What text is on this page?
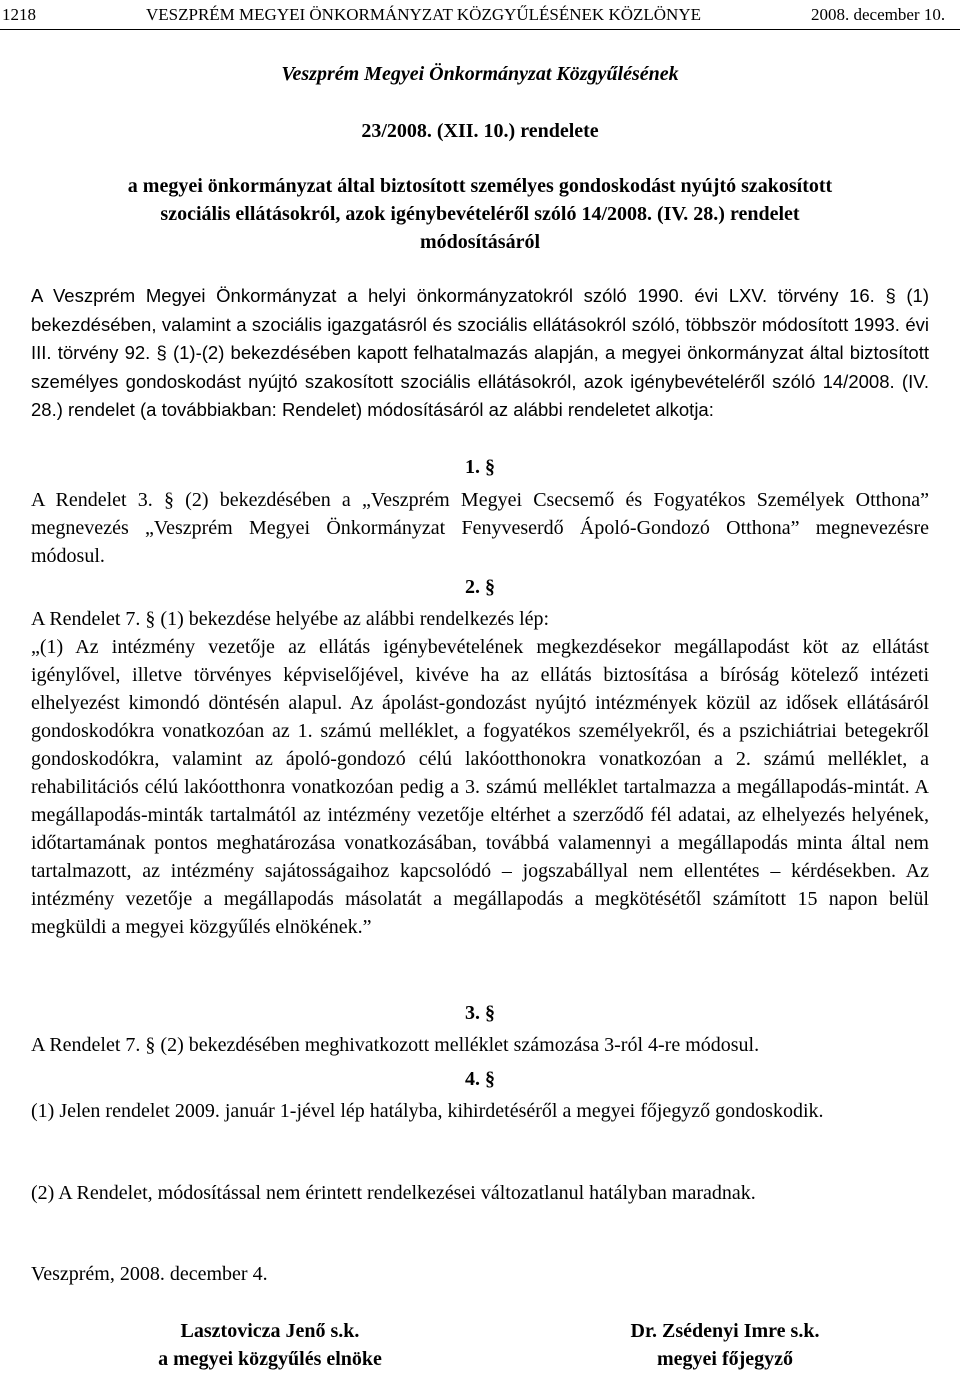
1218	VESZPRÉM MEGYEI ÖNKORMÁNYZAT KÖZGYŰLÉSÉNEK KÖZLÖNYE	2008. december 10.
Veszprém Megyei Önkormányzat Közgyűlésének
23/2008. (XII. 10.) rendelete
a megyei önkormányzat által biztosított személyes gondoskodást nyújtó szakosított
szociális ellátásokról, azok igénybevételéről szóló 14/2008. (IV. 28.) rendelet
módosításáról
A Veszprém Megyei Önkormányzat a helyi önkormányzatokról szóló 1990. évi LXV. törvény 16. § (1) bekezdésében, valamint a szociális igazgatásról és szociális ellátásokról szóló, többször módosított 1993. évi III. törvény 92. § (1)-(2) bekezdésében kapott felhatalmazás alapján, a megyei önkormányzat által biztosított személyes gondoskodást nyújtó szakosított szociális ellátásokról, azok igénybevételéről szóló 14/2008. (IV. 28.) rendelet (a továbbiakban: Rendelet) módosításáról az alábbi rendeletet alkotja:
1. §
A Rendelet 3. § (2) bekezdésében a „Veszprém Megyei Csecsemő és Fogyatékos Személyek Otthona” megnevezés „Veszprém Megyei Önkormányzat Fenyveserdő Ápoló-Gondozó Otthona” megnevezésre módosul.
2. §
A Rendelet 7. § (1) bekezdése helyébe az alábbi rendelkezés lép:
„(1) Az intézmény vezetője az ellátás igénybevételének megkezdésekor megállapodást köt az ellátást igénylővel, illetve törvényes képviselőjével, kivéve ha az ellátás biztosítása a bíróság kötelező intézeti elhelyezést kimondó döntésén alapul. Az ápolást-gondozást nyújtó intézmények közül az idősek ellátásáról gondoskodókra vonatkozóan az 1. számú melléklet, a fogyatékos személyekről, és a pszichiátriai betegekről gondoskodókra, valamint az ápoló-gondozó célú lakóotthonokra vonatkozóan a 2. számú melléklet, a rehabilitációs célú lakóotthonra vonatkozóan pedig a 3. számú melléklet tartalmazza a megállapodás-mintát. A megállapodás-minták tartalmától az intézmény vezetője eltérhet a szerződő fél adatai, az elhelyezés helyének, időtartamának pontos meghatározása vonatkozásában, továbbá valamennyi a megállapodás minta által nem tartalmazott, az intézmény sajátosságaihoz kapcsolódó – jogszabállyal nem ellentétes – kérdésekben. Az intézmény vezetője a megállapodás másolatát a megállapodás a megkötésétől számított 15 napon belül megküldi a megyei közgyűlés elnökének.”
3. §
A Rendelet 7. § (2) bekezdésében meghivatkozott melléklet számozása 3-ról 4-re módosul.
4. §
(1) Jelen rendelet 2009. január 1-jével lép hatályba, kihirdetéséről a megyei főjegyző gondoskodik.
(2) A Rendelet, módosítással nem érintett rendelkezései változatlanul hatályban maradnak.
Veszprém, 2008. december 4.
Lasztovicza Jenő s.k.
a megyei közgyűlés elnöke
Dr. Zsédenyi Imre s.k.
megyei főjegyző
